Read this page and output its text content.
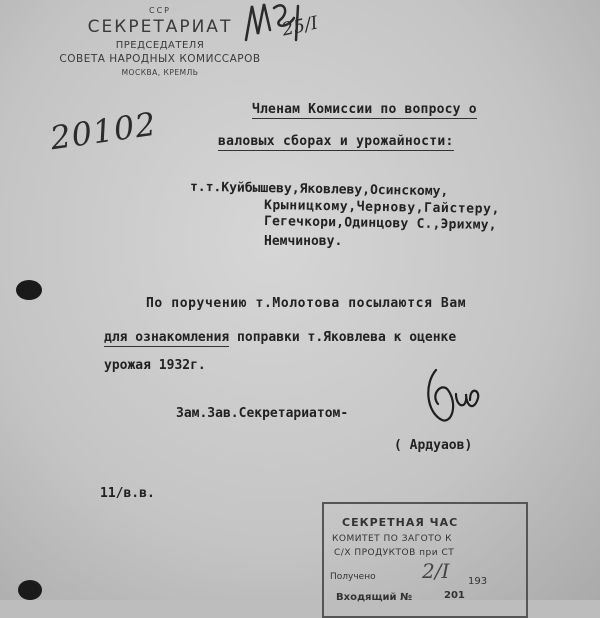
ССР
СЕКРЕТАРИАТ
ПРЕДСЕДАТЕЛЯ
СОВЕТА НАРОДНЫХ КОМИССАРОВ
МОСКВА, КРЕМЛЬ
25/I
20102	Членам Комиссии по вопросу о
валовых сборах и урожайности:
т.т.Куйбышеву,Яковлеву,Осинскому,
Крыницкому,Чернову,Гайстеру,
Гегечкори,Одинцову С.,Эрихму,
Немчинову.
По поручению т.Молотова посылаются Вам
для ознакомления поправки т.Яковлева к оценке
урожая 1932г.
Зам.Зав.Секретариатом-
( Ардуаов)
11/в.в.
СЕКРЕТНАЯ ЧАС
КОМИТЕТ ПО ЗАГОТО К
С/Х ПРОДУКТОВ при СТ
2/I
Получено	193
Входящий №	201
